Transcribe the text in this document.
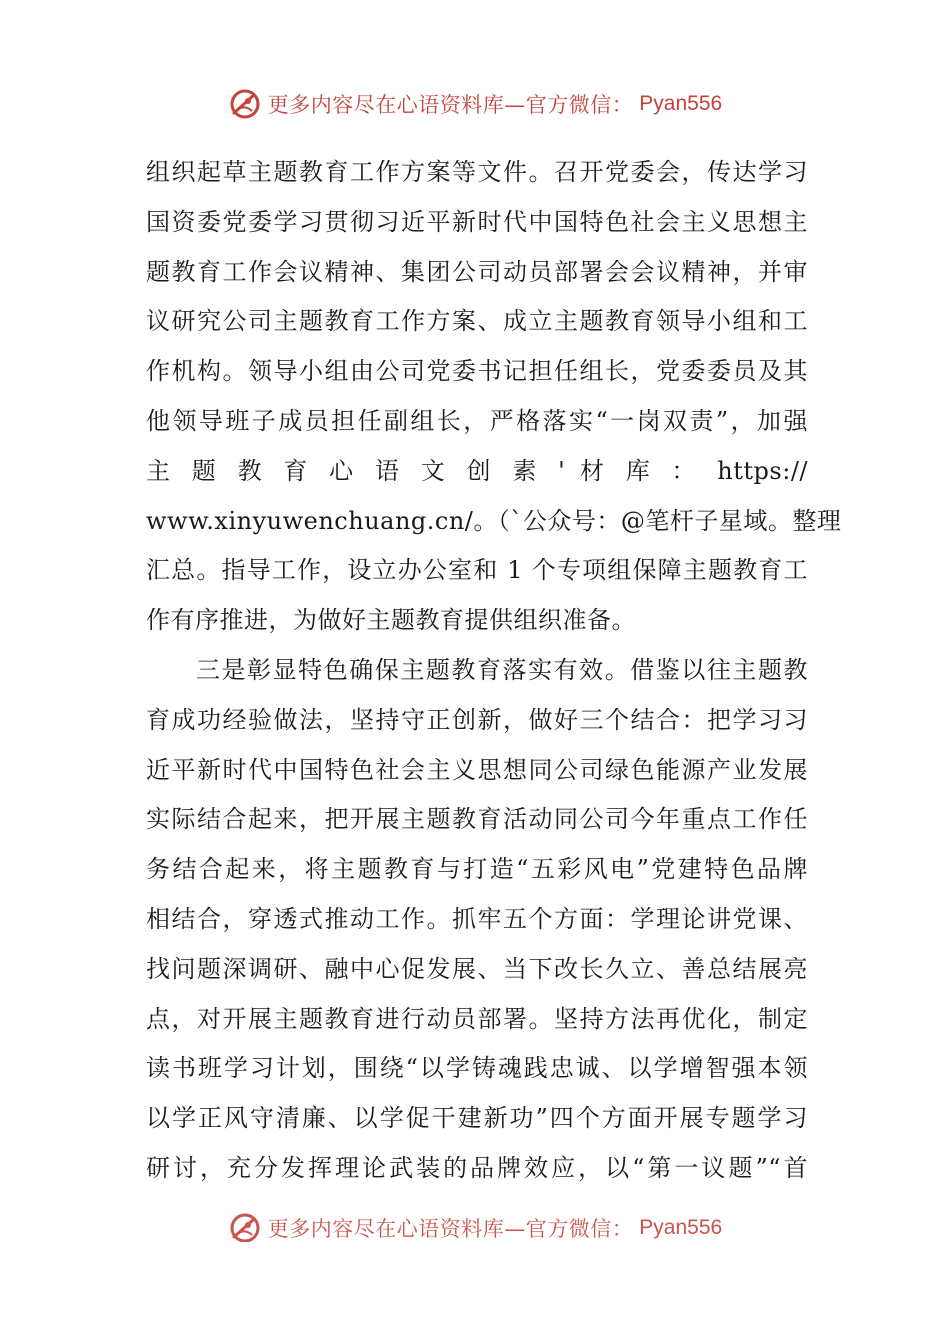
更多内容尽在心语资料库—官方微信： Pyan556
组织起草主题教育工作方案等文件。召开党委会，传达学习
国资委党委学习贯彻习近平新时代中国特色社会主义思想主
题教育工作会议精神、集团公司动员部署会会议精神，并审
议研究公司主题教育工作方案、成立主题教育领导小组和工
作机构。领导小组由公司党委书记担任组长，党委委员及其
他领导班子成员担任副组长，严格落实“一岗双责”，加强
主 题 教 育 心 语 文 创 素 ' 材 库 ： https://
www.xinyuwenchuang.cn/。（`公众号：@笔杆子星域。整理
汇总。指导工作，设立办公室和 1 个专项组保障主题教育工
作有序推进，为做好主题教育提供组织准备。
三是彰显特色确保主题教育落实有效。借鉴以往主题教
育成功经验做法，坚持守正创新，做好三个结合：把学习习
近平新时代中国特色社会主义思想同公司绿色能源产业发展
实际结合起来，把开展主题教育活动同公司今年重点工作任
务结合起来，将主题教育与打造“五彩风电”党建特色品牌
相结合，穿透式推动工作。抓牢五个方面：学理论讲党课、
找问题深调研、融中心促发展、当下改长久立、善总结展亮
点，对开展主题教育进行动员部署。坚持方法再优化，制定
读书班学习计划，围绕“以学铸魂践忠诚、以学增智强本领
以学正风守清廉、以学促干建新功”四个方面开展专题学习
研讨，充分发挥理论武装的品牌效应，以“第一议题”“首
更多内容尽在心语资料库—官方微信： Pyan556
